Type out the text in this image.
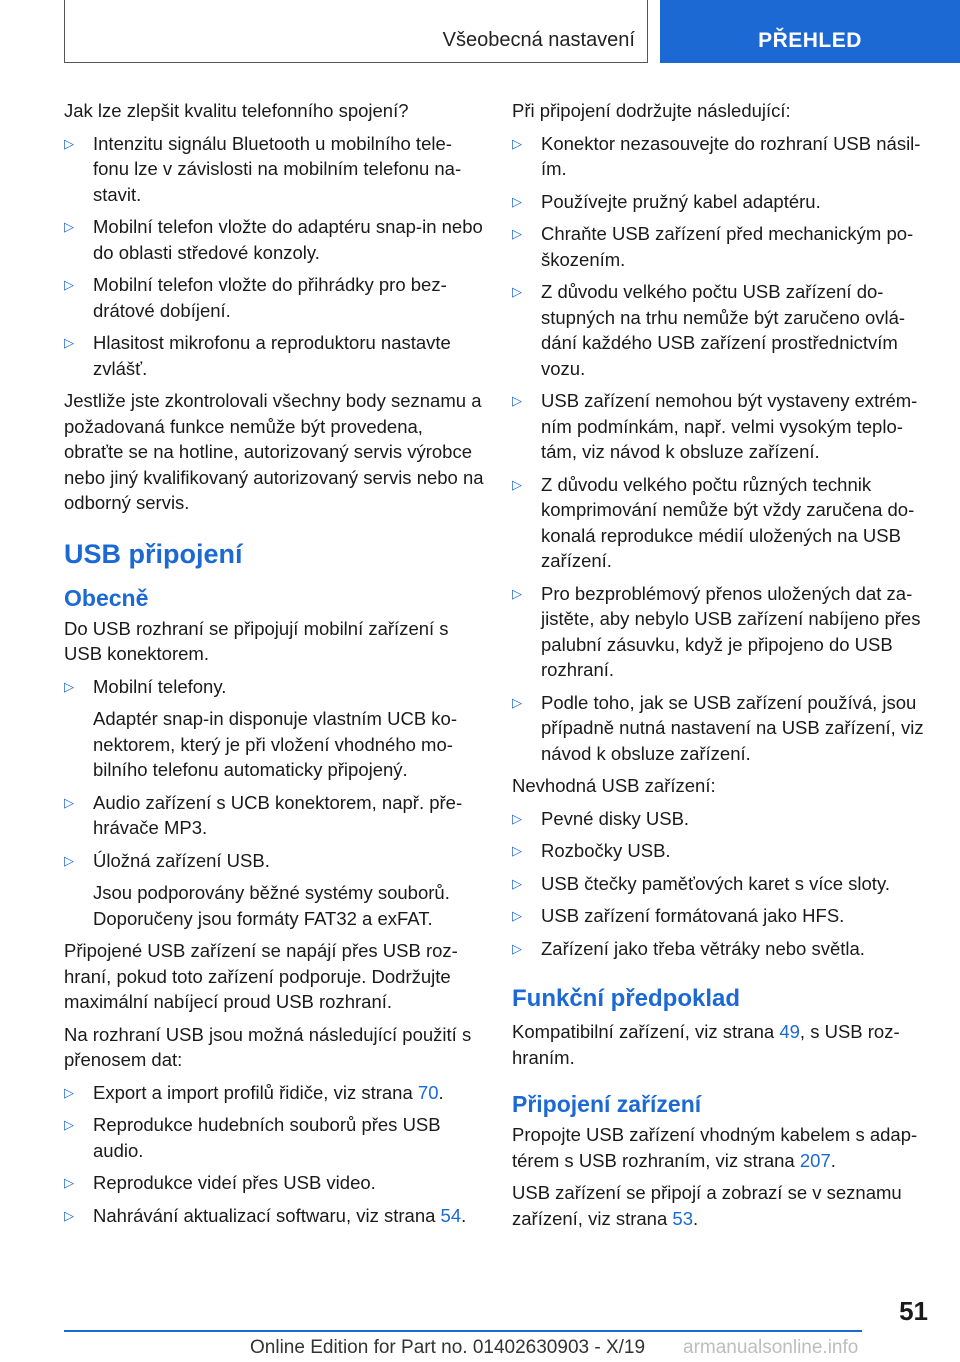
Všeobecná nastavení	PŘEHLED

Jak lze zlepšit kvalitu telefonního spojení?

▷ Intenzitu signálu Bluetooth u mobilního tele-fonu lze v závislosti na mobilním telefonu na-stavit.
▷ Mobilní telefon vložte do adaptéru snap-in nebo do oblasti středové konzoly.
▷ Mobilní telefon vložte do přihrádky pro bez-drátové dobíjení.
▷ Hlasitost mikrofonu a reproduktoru nastavte zvlášť.

Jestliže jste zkontrolovali všechny body seznamu a požadovaná funkce nemůže být provedena, obraťte se na hotline, autorizovaný servis výrobce nebo jiný kvalifikovaný autorizovaný servis nebo na odborný servis.

USB připojení
Obecně

Do USB rozhraní se připojují mobilní zařízení s USB konektorem.

▷ Mobilní telefony.
Adaptér snap-in disponuje vlastním UCB ko-nektorem, který je při vložení vhodného mo-bilního telefonu automaticky připojený.
▷ Audio zařízení s UCB konektorem, např. pře-hrávače MP3.
▷ Úložná zařízení USB.
Jsou podporovány běžné systémy souborů. Doporučeny jsou formáty FAT32 a exFAT.

Připojené USB zařízení se napájí přes USB roz-hraní, pokud toto zařízení podporuje. Dodržujte maximální nabíjecí proud USB rozhraní.

Na rozhraní USB jsou možná následující použití s přenosem dat:

▷ Export a import profilů řidiče, viz strana 70.
▷ Reprodukce hudebních souborů přes USB audio.
▷ Reprodukce videí přes USB video.
▷ Nahrávání aktualizací softwaru, viz strana 54.

Při připojení dodržujte následující:

▷ Konektor nezasouvejte do rozhraní USB násil-ím.
▷ Používejte pružný kabel adaptéru.
▷ Chraňte USB zařízení před mechanickým po-škozením.
▷ Z důvodu velkého počtu USB zařízení do-stupných na trhu nemůže být zaručeno ovlá-dání každého USB zařízení prostřednictvím vozu.
▷ USB zařízení nemohou být vystaveny extrém-ním podmínkám, např. velmi vysokým teplo-tám, viz návod k obsluze zařízení.
▷ Z důvodu velkého počtu různých technik komprimování nemůže být vždy zaručena do-konalá reprodukce médií uložených na USB zařízení.
▷ Pro bezproblémový přenos uložených dat za-jistěte, aby nebylo USB zařízení nabíjeno přes palubní zásuvku, když je připojeno do USB rozhraní.
▷ Podle toho, jak se USB zařízení používá, jsou případně nutná nastavení na USB zařízení, viz návod k obsluze zařízení.

Nevhodná USB zařízení:

▷ Pevné disky USB.
▷ Rozbočky USB.
▷ USB čtečky paměťových karet s více sloty.
▷ USB zařízení formátovaná jako HFS.
▷ Zařízení jako třeba větráky nebo světla.
Funkční předpoklad

Kompatibilní zařízení, viz strana 49, s USB roz-hraním.

Připojení zařízení

Propojte USB zařízení vhodným kabelem s adap-térem s USB rozhraním, viz strana 207.

USB zařízení se připojí a zobrazí se v seznamu zařízení, viz strana 53.

51
Online Edition for Part no. 01402630903 - X/19 armanualsonline.info
